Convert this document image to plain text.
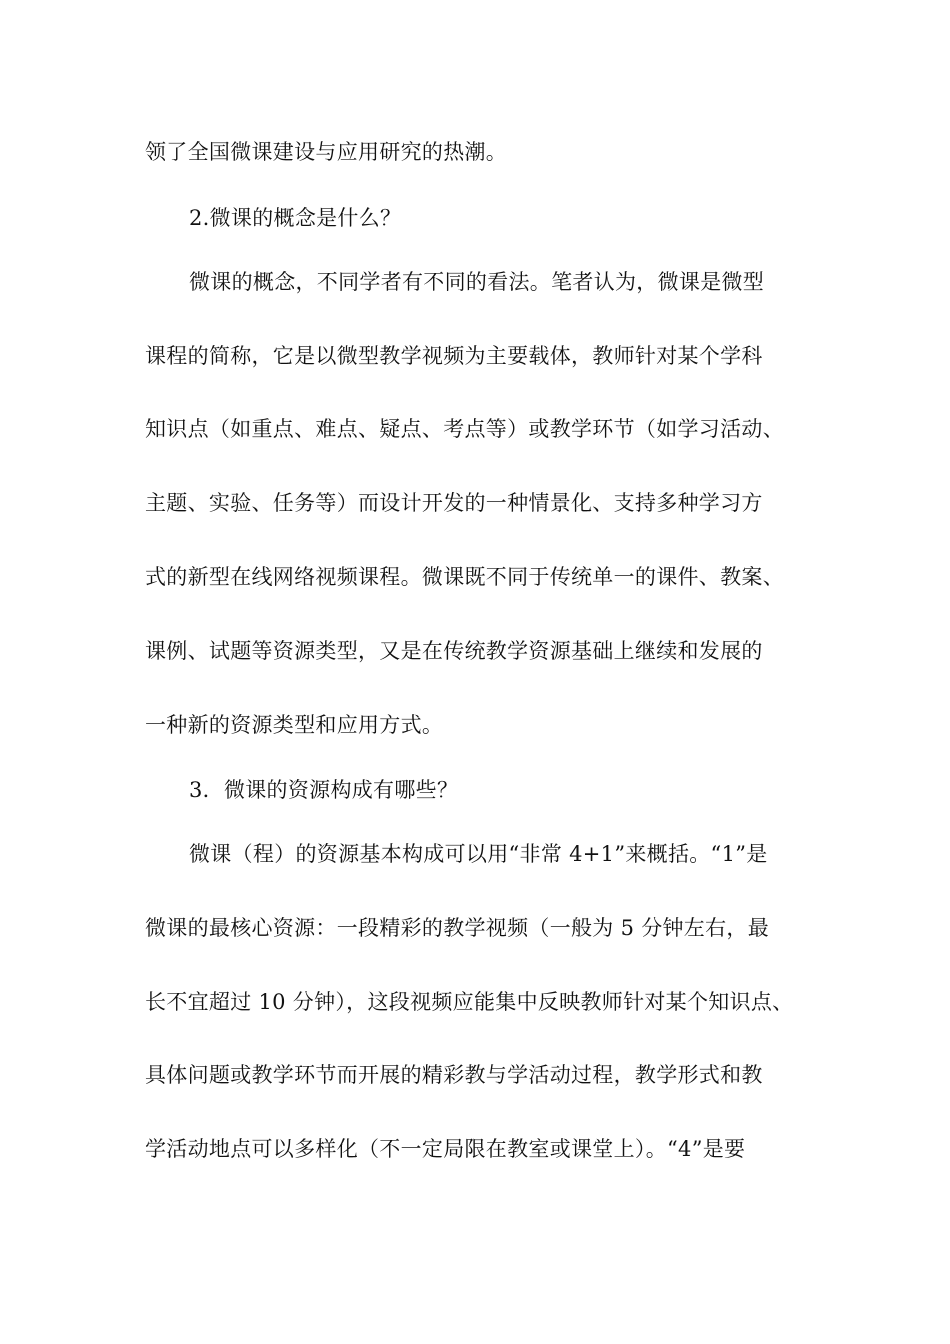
领了全国微课建设与应用研究的热潮。
2.微课的概念是什么？
微课的概念，不同学者有不同的看法。笔者认为，微课是微型
课程的简称，它是以微型教学视频为主要载体，教师针对某个学科
知识点（如重点、难点、疑点、考点等）或教学环节（如学习活动、
主题、实验、任务等）而设计开发的一种情景化、支持多种学习方
式的新型在线网络视频课程。微课既不同于传统单一的课件、教案、
课例、试题等资源类型，又是在传统教学资源基础上继续和发展的
一种新的资源类型和应用方式。
3．微课的资源构成有哪些？
微课（程）的资源基本构成可以用“非常 4+1”来概括。“1”是
微课的最核心资源：一段精彩的教学视频（一般为 5 分钟左右，最
长不宜超过 10 分钟），这段视频应能集中反映教师针对某个知识点、
具体问题或教学环节而开展的精彩教与学活动过程，教学形式和教
学活动地点可以多样化（不一定局限在教室或课堂上）。“4”是要
